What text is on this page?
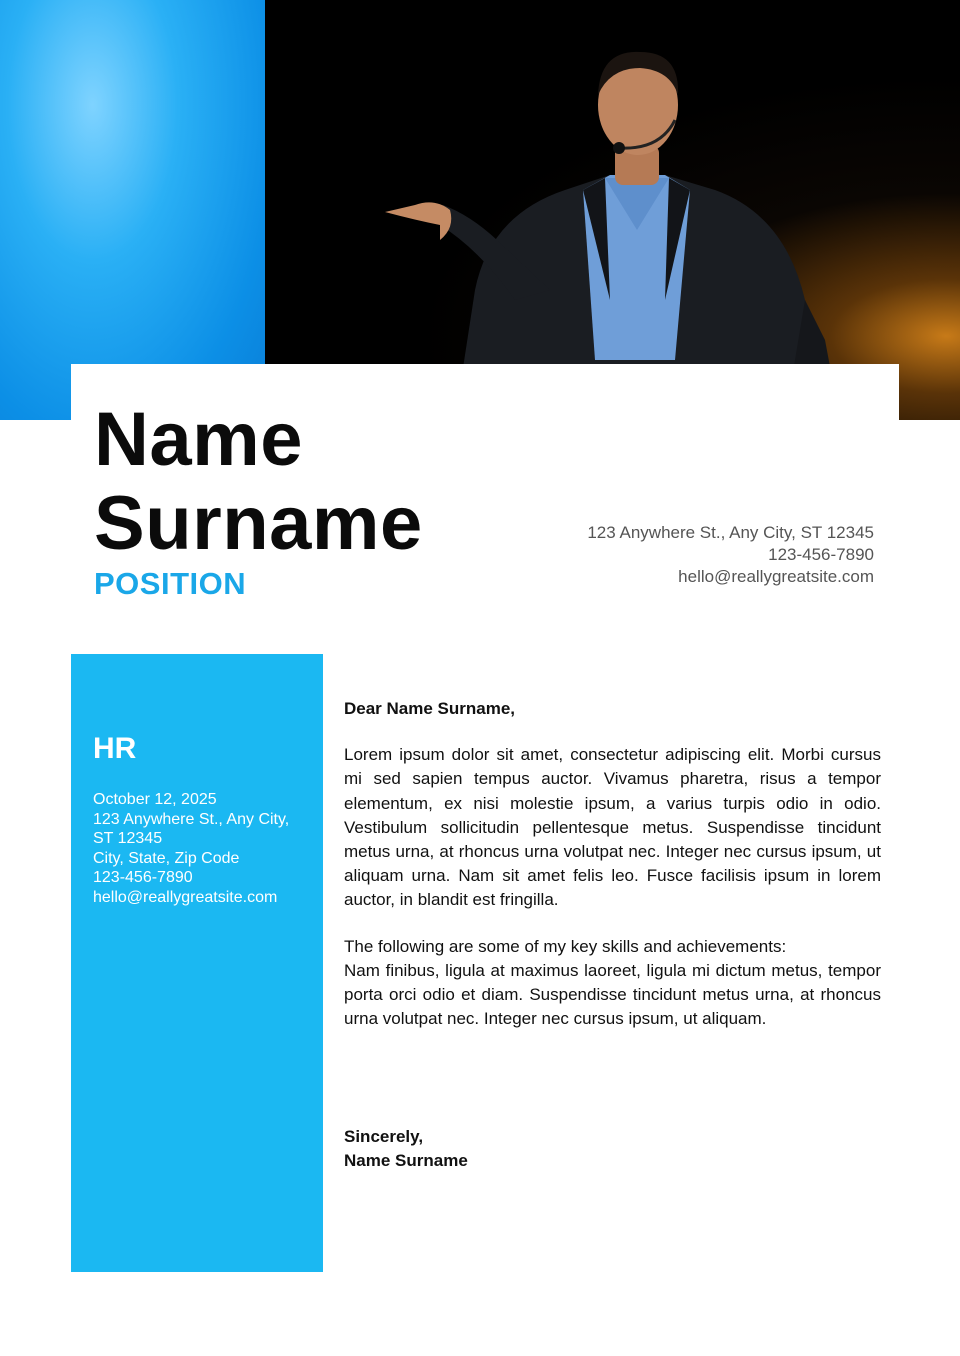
Name
Surname
POSITION
123 Anywhere St., Any City, ST 12345
123-456-7890
hello@reallygreatsite.com
HR
October 12, 2025
123 Anywhere St., Any City,
ST 12345
City, State, Zip Code
123-456-7890
hello@reallygreatsite.com
Dear Name Surname,

Lorem ipsum dolor sit amet, consectetur adipiscing elit. Morbi cursus mi sed sapien tempus auctor. Vivamus pharetra, risus a tempor elementum, ex nisi molestie ipsum, a varius turpis odio in odio. Vestibulum sollicitudin pellentesque metus. Suspendisse tincidunt metus urna, at rhoncus urna volutpat nec. Integer nec cursus ipsum, ut aliquam urna. Nam sit amet felis leo. Fusce facilisis ipsum in lorem auctor, in blandit est fringilla.

The following are some of my key skills and achievements:

Nam finibus, ligula at maximus laoreet, ligula mi dictum metus, tempor porta orci odio et diam. Suspendisse tincidunt metus urna, at rhoncus urna volutpat nec. Integer nec cursus ipsum, ut aliquam.

Sincerely,
Name Surname
